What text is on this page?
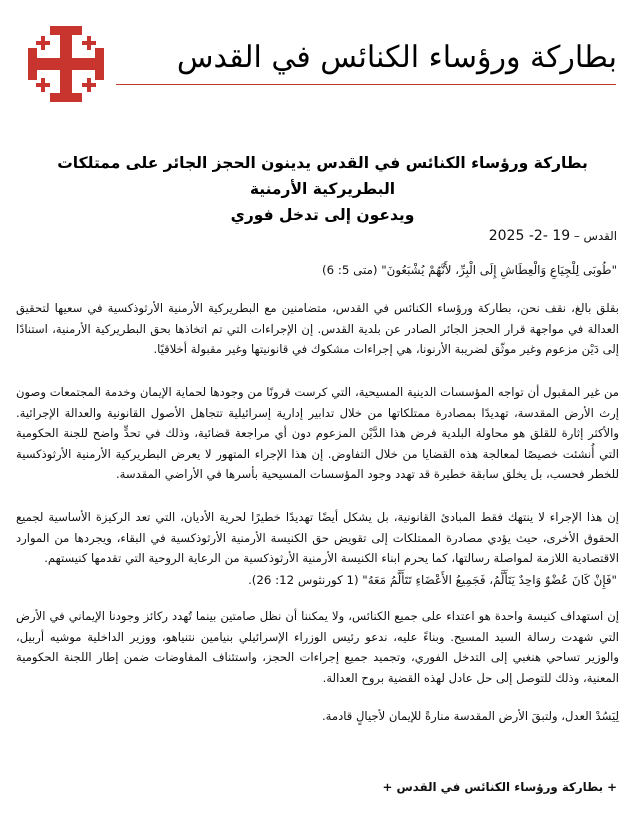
بطاركة ورؤساء الكنائس في القدس
بطاركة ورؤساء الكنائس في القدس يدينون الحجز الجائر على ممتلكات البطريركية الأرمنية
ويدعون إلى تدخل فوري
القدس – 19 -2- 2025
"طُوبَى لِلْجِيَاعِ وَالْعِطَاشِ إِلَى الْبِرِّ، لأَنَّهُمْ يُشْبَعُونَ" (متى 5: 6)
بقلق بالغ، نقف نحن، بطاركة ورؤساء الكنائس في القدس، متضامنين مع البطريركية الأرمنية الأرثوذكسية في سعيها لتحقيق العدالة في مواجهة قرار الحجز الجائر الصادر عن بلدية القدس. إن الإجراءات التي تم اتخاذها بحق البطريركية الأرمنية، استنادًا إلى دَيْن مزعوم وغير موثّق لضريبة الأرنونا، هي إجراءات مشكوك في قانونيتها وغير مقبولة أخلاقيًا.
من غير المقبول أن تواجه المؤسسات الدينية المسيحية، التي كرست قرونًا من وجودها لحماية الإيمان وخدمة المجتمعات وصون إرث الأرض المقدسة، تهديدًا بمصادرة ممتلكاتها من خلال تدابير إدارية إسرائيلية تتجاهل الأصول القانونية والعدالة الإجرائية. والأكثر إثارة للقلق هو محاولة البلدية فرض هذا الدَّيْن المزعوم دون أي مراجعة قضائية، وذلك في تحدٍّ واضح للجنة الحكومية التي أُنشئت خصيصًا لمعالجة هذه القضايا من خلال التفاوض. إن هذا الإجراء المتهور لا يعرض البطريركية الأرمنية الأرثوذكسية للخطر فحسب، بل يخلق سابقة خطيرة قد تهدد وجود المؤسسات المسيحية بأسرها في الأراضي المقدسة.
إن هذا الإجراء لا ينتهك فقط المبادئ القانونية، بل يشكل أيضًا تهديدًا خطيرًا لحرية الأديان، التي تعد الركيزة الأساسية لجميع الحقوق الأخرى، حيث يؤدي مصادرة الممتلكات إلى تقويض حق الكنيسة الأرمنية الأرثوذكسية في البقاء، ويجردها من الموارد الاقتصادية اللازمة لمواصلة رسالتها، كما يحرم ابناء الكنيسة الأرمنية الأرثوذكسية من الرعاية الروحية التي تقدمها كنيستهم.
"فَإِنْ كَانَ عُضْوٌ وَاحِدٌ يَتَأَلَّمُ، فَجَمِيعُ الأَعْضَاءِ تَتَأَلَّمُ مَعَهُ" (1 كورنثوس 12: 26).
إن استهداف كنيسة واحدة هو اعتداء على جميع الكنائس، ولا يمكننا أن نظل صامتين بينما تُهدد ركائز وجودنا الإيماني في الأرض التي شهدت رسالة السيد المسيح. وبناءً عليه، ندعو رئيس الوزراء الإسرائيلي بنيامين نتنياهو، ووزير الداخلية موشيه أربيل، والوزير تساحي هنغبي إلى التدخل الفوري، وتجميد جميع إجراءات الحجز، واستئناف المفاوضات ضمن إطار اللجنة الحكومية المعنية، وذلك للتوصل إلى حل عادل لهذه القضية بروح العدالة.
لِيَسُدْ العدل، ولتبقَ الأرض المقدسة منارةً للإيمان لأجيالٍ قادمة.
+ بطاركة ورؤساء الكنائس في القدس +
